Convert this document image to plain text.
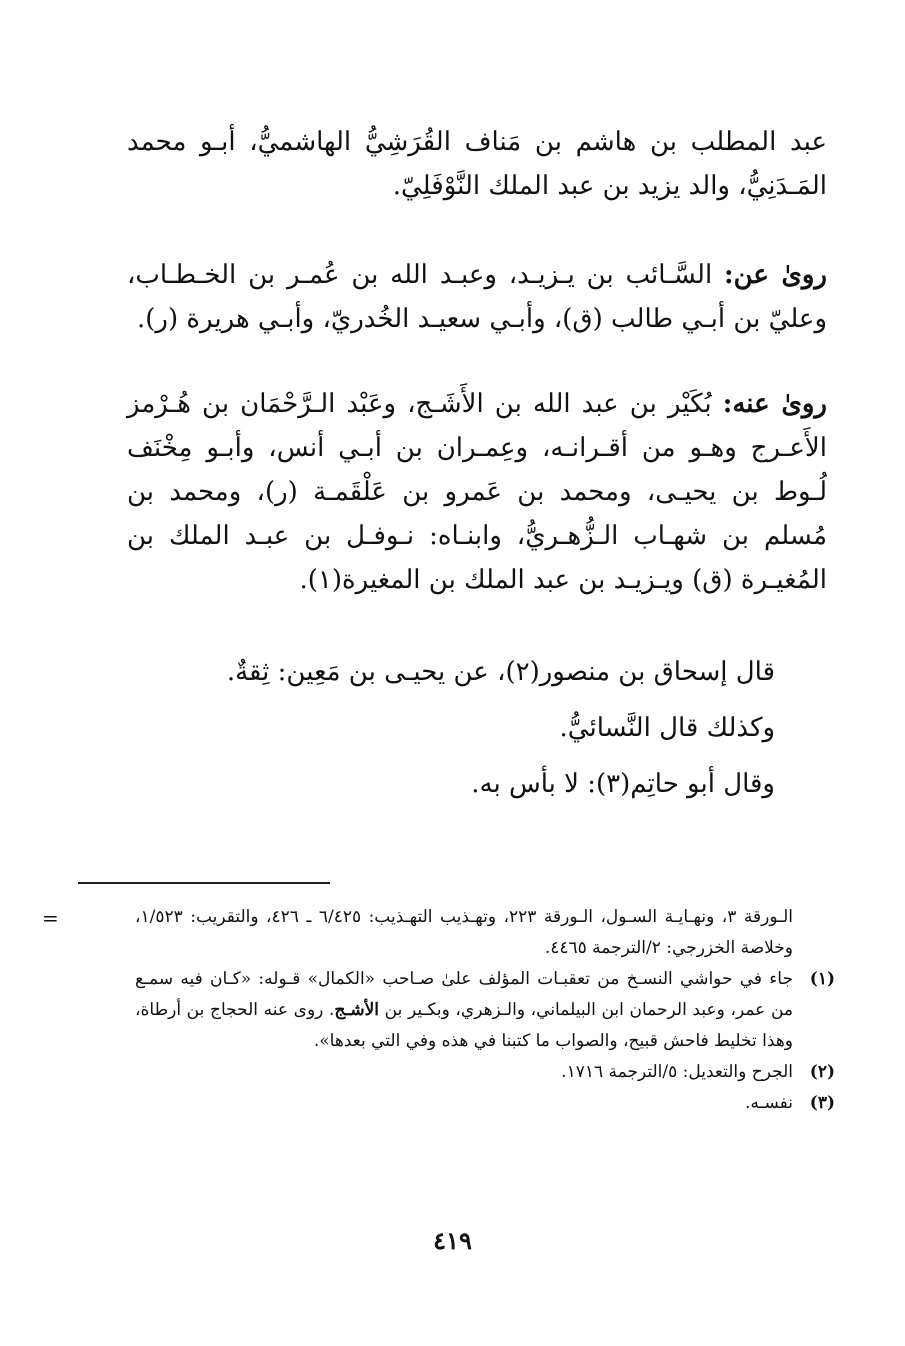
عبد المطلب بن هاشم بن مَناف القُرَشِيُّ الهاشميُّ، أبـو محمد المَـدَنِيُّ، والد يزيد بن عبد الملك النَّوْفَلِيّ.

روىٰ عن: السَّـائب بن يـزيـد، وعبـد الله بن عُمـر بن الخـطـاب، وعليّ بن أبـي طالب (ق)، وأبـي سعيـد الخُدريّ، وأبـي هريرة (ر).

روىٰ عنه: بُكَيْر بن عبد الله بن الأَشَـج، وعَبْد الـرَّحْمَان بن هُـرْمز الأَعـرج وهـو من أقـرانـه، وعِمـران بن أبـي أنس، وأبـو مِخْنَف لُـوط بن يحيـى، ومحمد بن عَمرو بن عَلْقَمـة (ر)، ومحمد بن مُسلم بن شهـاب الـزُّهـريُّ، وابنـاه: نـوفـل بن عبـد الملك بن المُغيـرة (ق) ويـزيـد بن عبد الملك بن المغيرة(١).

قال إسحاق بن منصور(٢)، عن يحيـى بن مَعِين: ثِقةٌ.
وكذلك قال النَّسائيُّ.
وقال أبو حاتِم(٣): لا بأس به.
=	الـورقة ٣، ونهـايـة السـول، الـورقة ٢٢٣، وتهـذيب التهـذيب: ٦/٤٢٥ ـ ٤٢٦، والتقريب: ١/٥٢٣، وخلاصة الخزرجي: ٢/الترجمة ٤٤٦٥.

(١)
جاء في حواشي النسـخ من تعقبـات المؤلف علىٰ صـاحب «الكمال» قـوله: «كـان فيه سمـع من عمر، وعبد الرحمان ابن البيلماني، والـزهري، وبكـير بن الأشـج. روى عنه الحجاج بن أرطاة، وهذا تخليط فاحش قبيح، والصواب ما كتبنا في هذه وفي التي بعدها».

(٢)
الجرح والتعديل: ٥/الترجمة ١٧١٦.

(٣)
نفسـه.

٤١٩
